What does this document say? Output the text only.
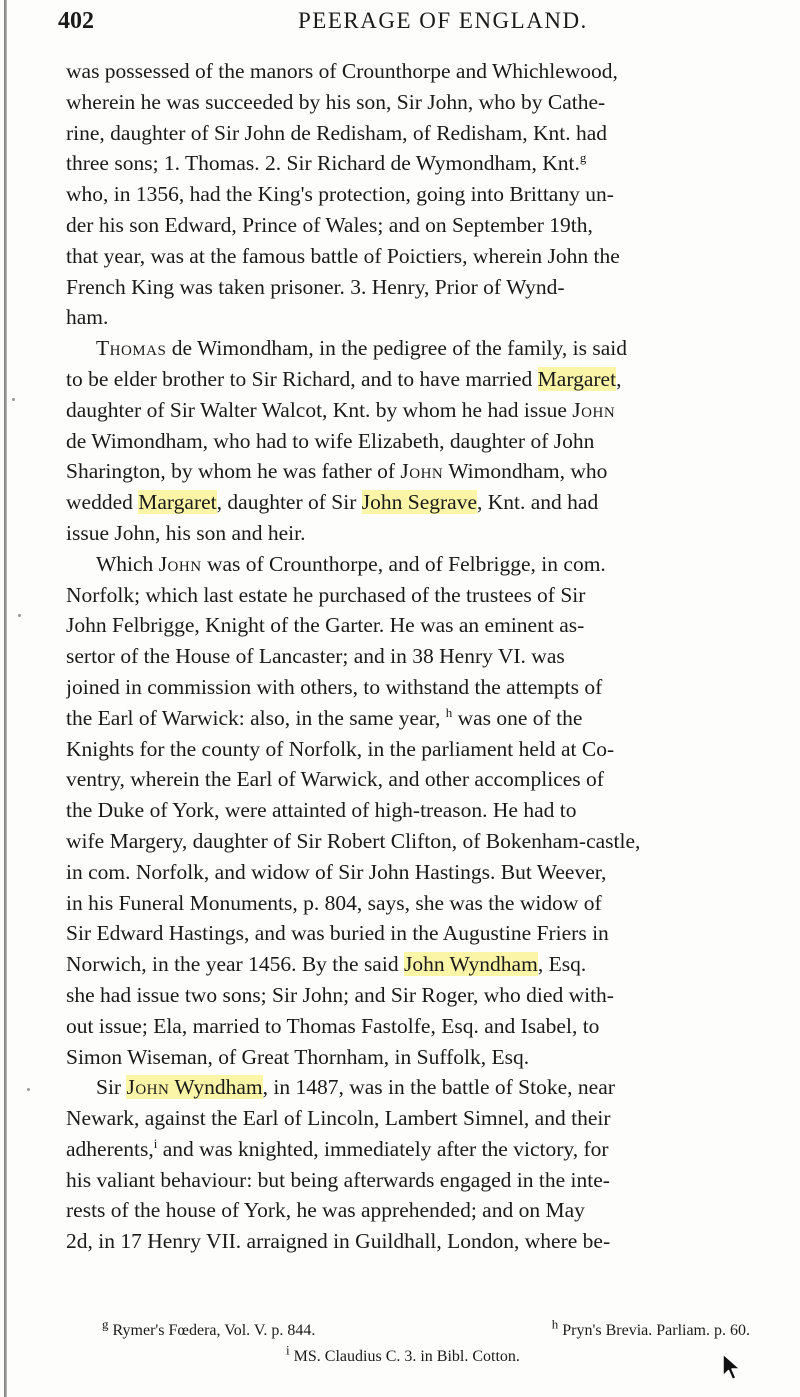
402	PEERAGE OF ENGLAND.
was possessed of the manors of Crounthorpe and Whichlewood,
wherein he was succeeded by his son, Sir John, who by Cathe-
rine, daughter of Sir John de Redisham, of Redisham, Knt. had
three sons; 1. Thomas. 2. Sir Richard de Wymondham, Knt.$^g$
who, in 1356, had the King's protection, going into Brittany un-
der his son Edward, Prince of Wales; and on September 19th,
that year, was at the famous battle of Poictiers, wherein John the
French King was taken prisoner. 3. Henry, Prior of Wynd-
ham.
Thomas de Wimondham, in the pedigree of the family, is said
to be elder brother to Sir Richard, and to have married Margaret,
daughter of Sir Walter Walcot, Knt. by whom he had issue John
de Wimondham, who had to wife Elizabeth, daughter of John
Sharington, by whom he was father of John Wimondham, who
wedded Margaret, daughter of Sir John Segrave, Knt. and had
issue John, his son and heir.
Which John was of Crounthorpe, and of Felbrigge, in com.
Norfolk; which last estate he purchased of the trustees of Sir
John Felbrigge, Knight of the Garter. He was an eminent as-
sertor of the House of Lancaster; and in 38 Henry VI. was
joined in commission with others, to withstand the attempts of
the Earl of Warwick: also, in the same year, $^h$ was one of the
Knights for the county of Norfolk, in the parliament held at Co-
ventry, wherein the Earl of Warwick, and other accomplices of
the Duke of York, were attainted of high-treason. He had to
wife Margery, daughter of Sir Robert Clifton, of Bokenham-castle,
in com. Norfolk, and widow of Sir John Hastings. But Weever,
in his Funeral Monuments, p. 804, says, she was the widow of
Sir Edward Hastings, and was buried in the Augustine Friers in
Norwich, in the year 1456. By the said John Wyndham, Esq.
she had issue two sons; Sir John; and Sir Roger, who died with-
out issue; Ela, married to Thomas Fastolfe, Esq. and Isabel, to
Simon Wiseman, of Great Thornham, in Suffolk, Esq.
Sir John Wyndham, in 1487, was in the battle of Stoke, near
Newark, against the Earl of Lincoln, Lambert Simnel, and their
adherents,$^i$ and was knighted, immediately after the victory, for
his valiant behaviour: but being afterwards engaged in the inte-
rests of the house of York, he was apprehended; and on May
2d, in 17 Henry VII. arraigned in Guildhall, London, where be-
$^g$ Rymer's Fœdera, Vol. V. p. 844.	$^h$ Pryn's Brevia. Parliam. p. 60.
$^i$ MS. Claudius C. 3. in Bibl. Cotton.
